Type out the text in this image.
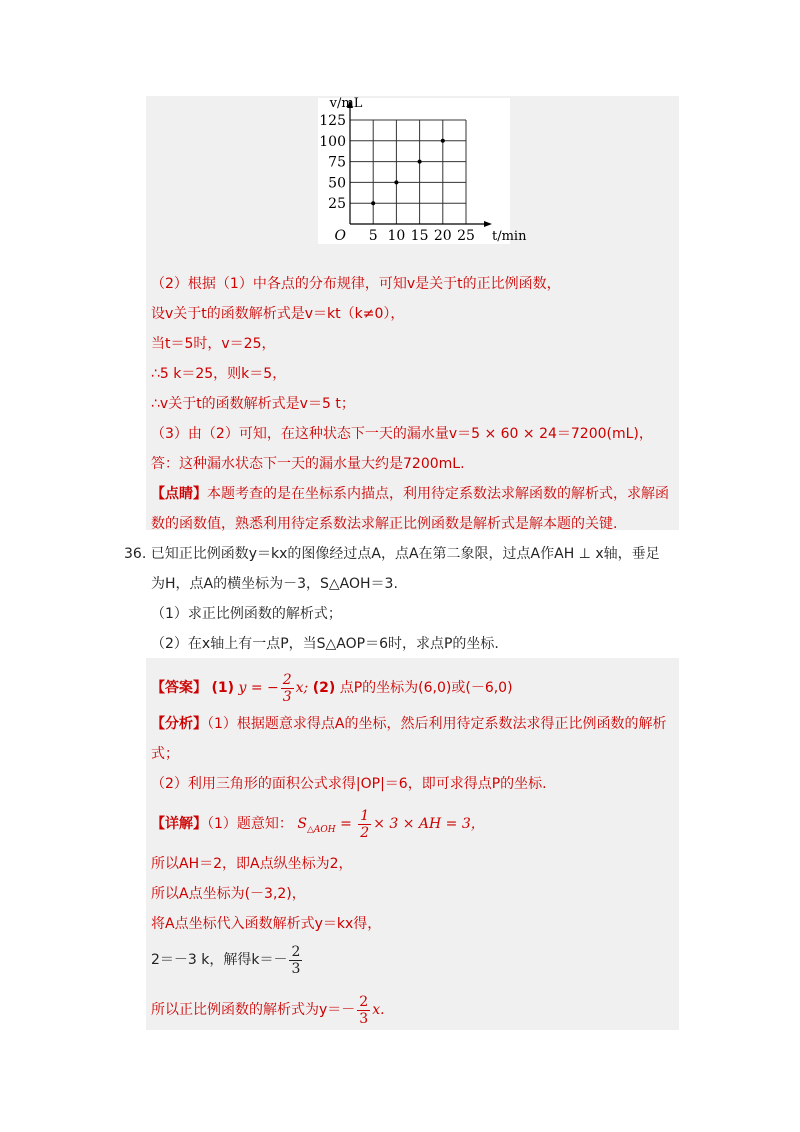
25
50
75
100
125
5 10 15 20 25
O
v/mL
t/min
（2）根据（1）中各点的分布规律，可知v是关于t的正比例函数，
设v关于t的函数解析式是v＝kt（k≠0），
当t＝5时，v＝25，
∴5 k＝25，则k＝5，
∴v关于t的函数解析式是v＝5 t；
（3）由（2）可知，在这种状态下一天的漏水量v＝5 × 60 × 24＝7200(mL)，
答：这种漏水状态下一天的漏水量大约是7200mL.
【点睛】本题考查的是在坐标系内描点，利用待定系数法求解函数的解析式，求解函
数的函数值，熟悉利用待定系数法求解正比例函数是解析式是解本题的关键.
36. 已知正比例函数y＝kx的图像经过点A，点A在第二象限，过点A作AH ⊥ x轴，垂足
为H，点A的横坐标为－3，S△AOH＝3.
（1）求正比例函数的解析式；
（2）在x轴上有一点P，当S△AOP＝6时，求点P的坐标.
【答案】 (1) y = − $\frac{2}{3} x$; (2) 点P的坐标为(6,0)或(－6,0)
【分析】（1）根据题意求得点A的坐标，然后利用待定系数法求得正比例函数的解析
式；
（2）利用三角形的面积公式求得|OP|＝6，即可求得点P的坐标.
【详解】（1）题意知： $S_{\triangle AOH} = \frac{1}{2} \times 3$ × AH = 3，
所以AH＝2，即A点纵坐标为2，
所以A点坐标为(－3,2)，
将A点坐标代入函数解析式y＝kx得，
2＝－3 k，解得$k=- \frac{2}{3}$
所以正比例函数的解析式为$y=- \frac{2}{3} x$.
